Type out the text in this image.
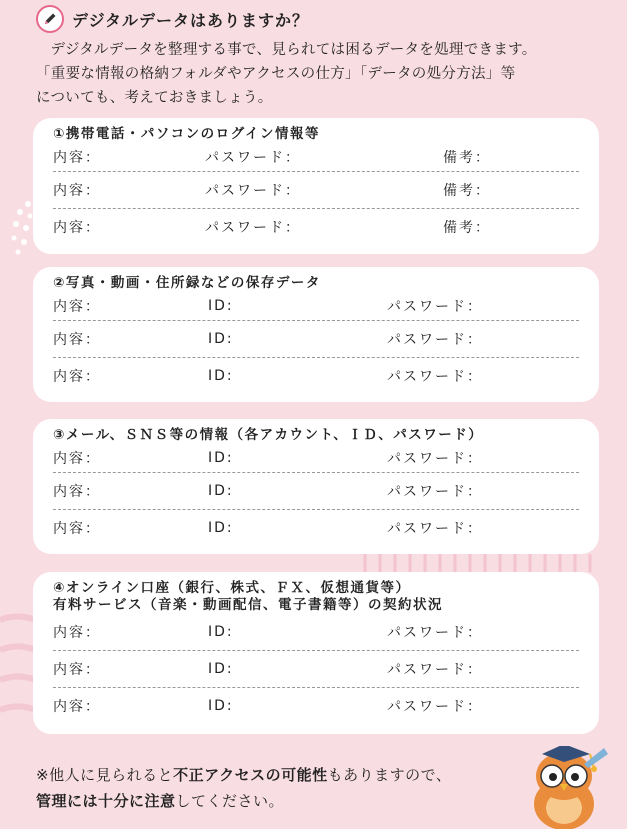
デジタルデータはありますか？

デジタルデータを整理する事で、見られては困るデータを処理できます。

「重要な情報の格納フォルダやアクセスの仕方」「データの処分方法」等

についても、考えておきましょう。

①携帯電話・パソコンのログイン情報等
内容：	パスワード：	備考：
内容：	パスワード：	備考：
内容：	パスワード：	備考：
②写真・動画・住所録などの保存データ
内容：	ID:	パスワード：
内容：	ID:	パスワード：
内容：	ID:	パスワード：
③メール、ＳＮＳ等の情報（各アカウント、ＩＤ、パスワード）
内容：	ID:	パスワード：
内容：	ID:	パスワード：
内容：	ID:	パスワード：
④オンライン口座（銀行、株式、ＦＸ、仮想通貨等）
有料サービス（音楽・動画配信、電子書籍等）の契約状況
内容：	ID:	パスワード：
内容：	ID:	パスワード：
内容：	ID:	パスワード：
※他人に見られると不正アクセスの可能性もありますので、
管理には十分に注意してください。
